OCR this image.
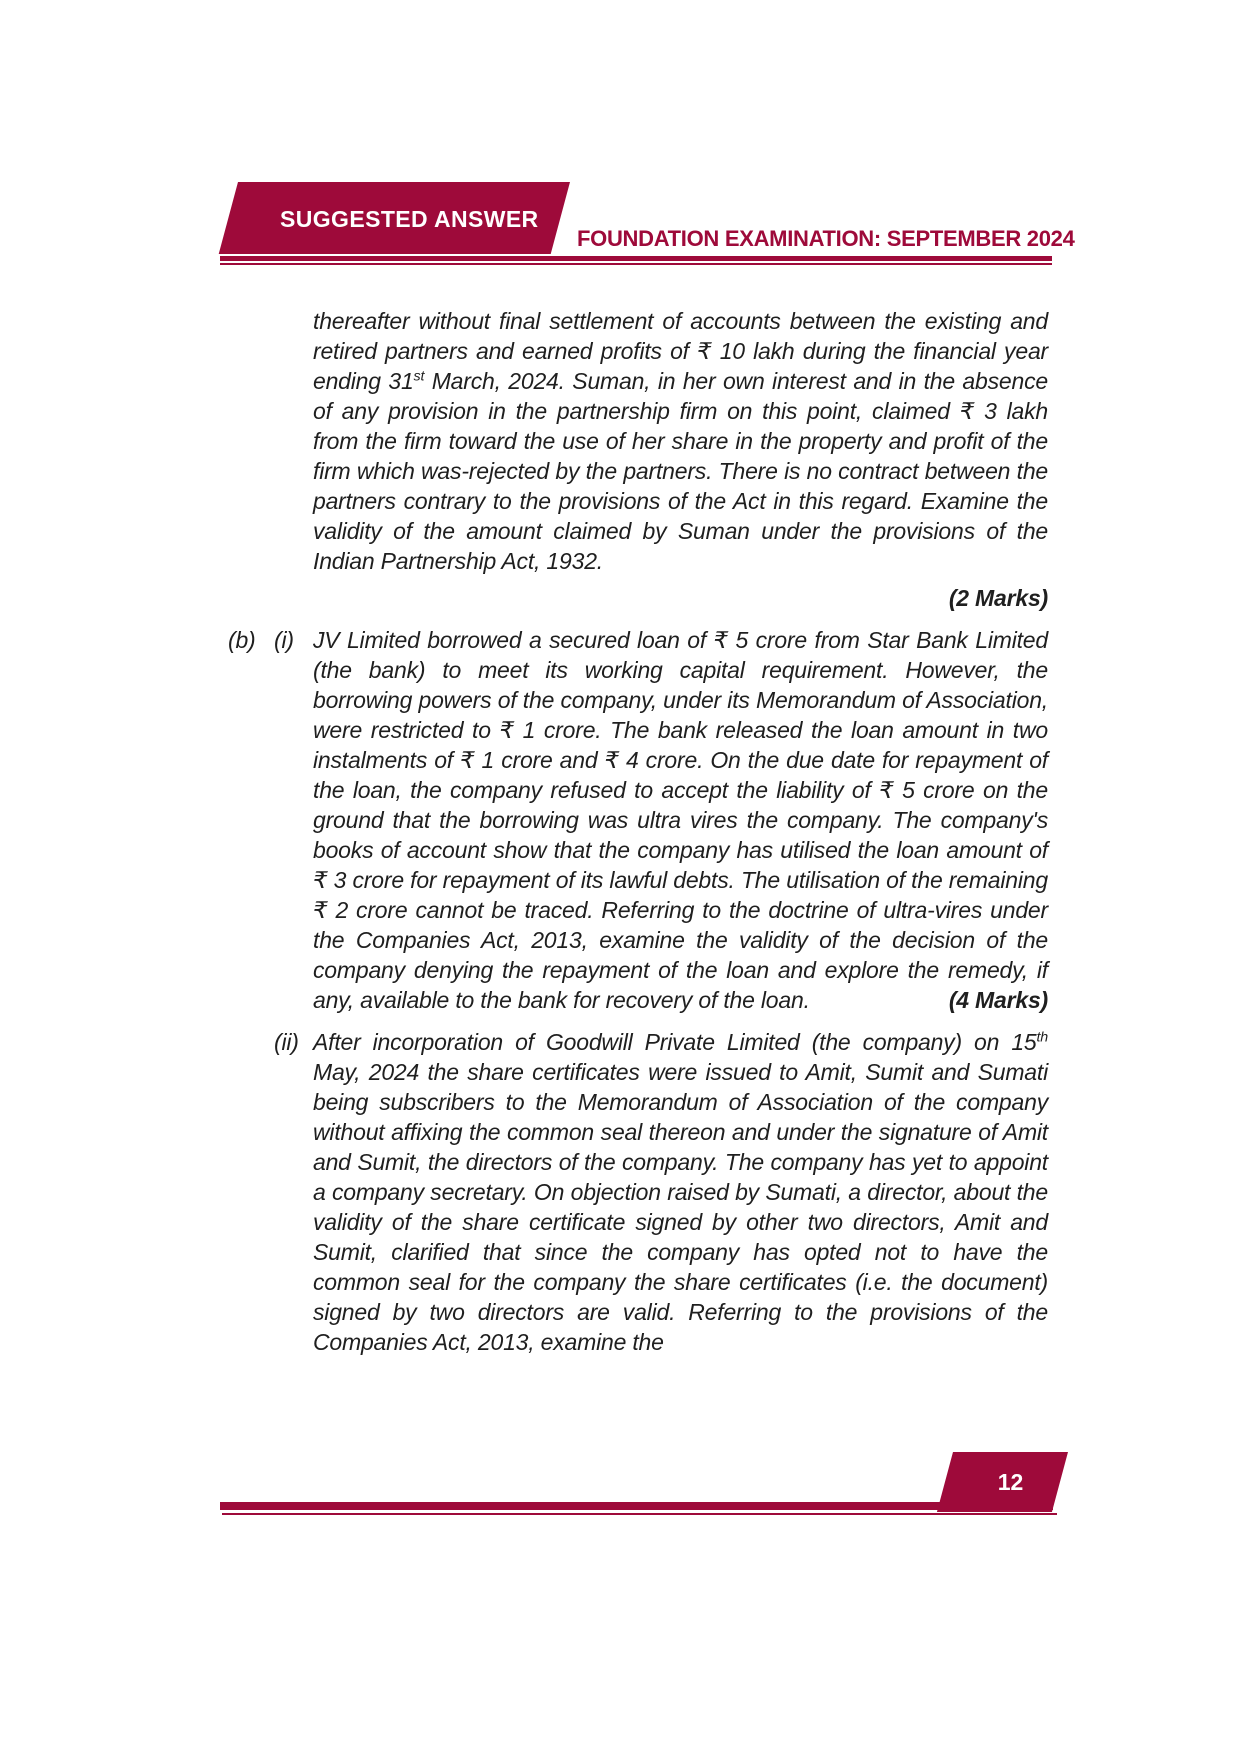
SUGGESTED ANSWER
FOUNDATION EXAMINATION: SEPTEMBER 2024
thereafter without final settlement of accounts between the existing and retired partners and earned profits of ₹ 10 lakh during the financial year ending 31st March, 2024. Suman, in her own interest and in the absence of any provision in the partnership firm on this point, claimed ₹ 3 lakh from the firm toward the use of her share in the property and profit of the firm which was-rejected by the partners. There is no contract between the partners contrary to the provisions of the Act in this regard. Examine the validity of the amount claimed by Suman under the provisions of the Indian Partnership Act, 1932.
(2 Marks)
(b) (i) JV Limited borrowed a secured loan of ₹ 5 crore from Star Bank Limited (the bank) to meet its working capital requirement. However, the borrowing powers of the company, under its Memorandum of Association, were restricted to ₹ 1 crore. The bank released the loan amount in two instalments of ₹ 1 crore and ₹ 4 crore. On the due date for repayment of the loan, the company refused to accept the liability of ₹ 5 crore on the ground that the borrowing was ultra vires the company. The company's books of account show that the company has utilised the loan amount of ₹ 3 crore for repayment of its lawful debts. The utilisation of the remaining ₹ 2 crore cannot be traced. Referring to the doctrine of ultra-vires under the Companies Act, 2013, examine the validity of the decision of the company denying the repayment of the loan and explore the remedy, if any, available to the bank for recovery of the loan.	(4 Marks)
(ii) After incorporation of Goodwill Private Limited (the company) on 15th May, 2024 the share certificates were issued to Amit, Sumit and Sumati being subscribers to the Memorandum of Association of the company without affixing the common seal thereon and under the signature of Amit and Sumit, the directors of the company. The company has yet to appoint a company secretary. On objection raised by Sumati, a director, about the validity of the share certificate signed by other two directors, Amit and Sumit, clarified that since the company has opted not to have the common seal for the company the share certificates (i.e. the document) signed by two directors are valid. Referring to the provisions of the Companies Act, 2013, examine the
12
